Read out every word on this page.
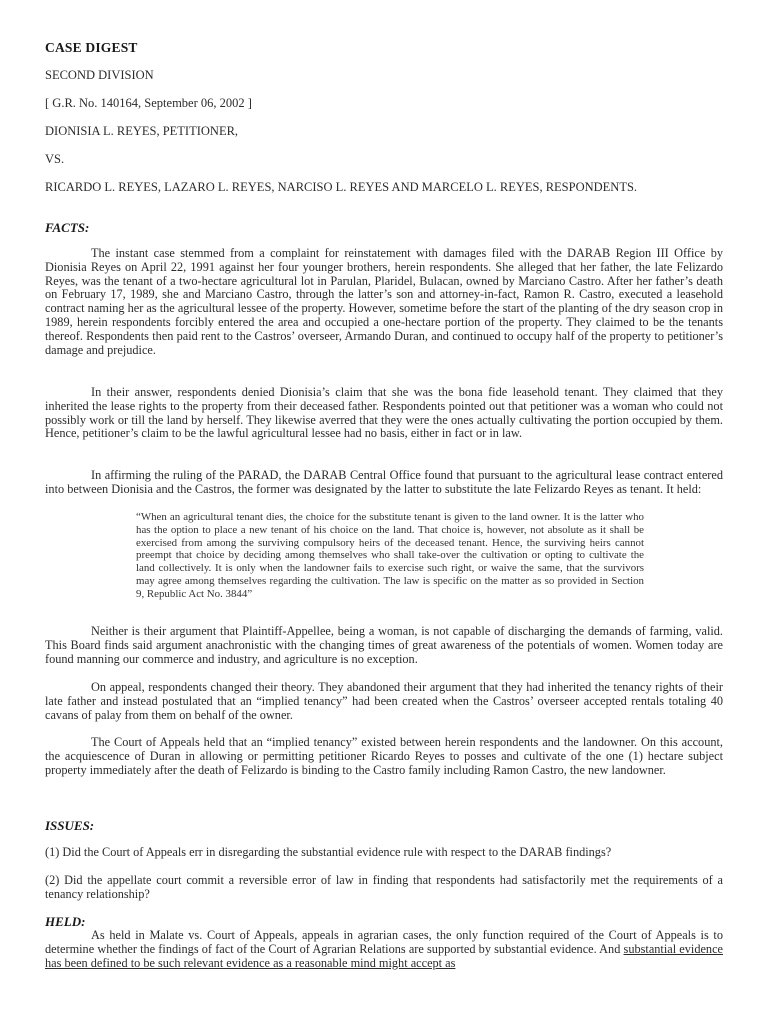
CASE DIGEST
SECOND DIVISION
[ G.R. No. 140164, September 06, 2002 ]
DIONISIA L. REYES, PETITIONER,
VS.
RICARDO L. REYES, LAZARO L. REYES, NARCISO L. REYES AND MARCELO L. REYES, RESPONDENTS.
FACTS:

The instant case stemmed from a complaint for reinstatement with damages filed with the DARAB Region III Office by Dionisia Reyes on April 22, 1991 against her four younger brothers, herein respondents. She alleged that her father, the late Felizardo Reyes, was the tenant of a two-hectare agricultural lot in Parulan, Plaridel, Bulacan, owned by Marciano Castro. After her father’s death on February 17, 1989, she and Marciano Castro, through the latter’s son and attorney-in-fact, Ramon R. Castro, executed a leasehold contract naming her as the agricultural lessee of the property. However, sometime before the start of the planting of the dry season crop in 1989, herein respondents forcibly entered the area and occupied a one-hectare portion of the property. They claimed to be the tenants thereof. Respondents then paid rent to the Castros’ overseer, Armando Duran, and continued to occupy half of the property to petitioner’s damage and prejudice.

In their answer, respondents denied Dionisia’s claim that she was the bona fide leasehold tenant. They claimed that they inherited the lease rights to the property from their deceased father. Respondents pointed out that petitioner was a woman who could not possibly work or till the land by herself. They likewise averred that they were the ones actually cultivating the portion occupied by them. Hence, petitioner’s claim to be the lawful agricultural lessee had no basis, either in fact or in law.

In affirming the ruling of the PARAD, the DARAB Central Office found that pursuant to the agricultural lease contract entered into between Dionisia and the Castros, the former was designated by the latter to substitute the late Felizardo Reyes as tenant. It held:

“When an agricultural tenant dies, the choice for the substitute tenant is given to the land owner. It is the latter who has the option to place a new tenant of his choice on the land. That choice is, however, not absolute as it shall be exercised from among the surviving compulsory heirs of the deceased tenant. Hence, the surviving heirs cannot preempt that choice by deciding among themselves who shall take-over the cultivation or opting to cultivate the land collectively. It is only when the landowner fails to exercise such right, or waive the same, that the survivors may agree among themselves regarding the cultivation. The law is specific on the matter as so provided in Section 9, Republic Act No. 3844”

Neither is their argument that Plaintiff-Appellee, being a woman, is not capable of discharging the demands of farming, valid. This Board finds said argument anachronistic with the changing times of great awareness of the potentials of women. Women today are found manning our commerce and industry, and agriculture is no exception.

On appeal, respondents changed their theory. They abandoned their argument that they had inherited the tenancy rights of their late father and instead postulated that an “implied tenancy” had been created when the Castros’ overseer accepted rentals totaling 40 cavans of palay from them on behalf of the owner.

The Court of Appeals held that an “implied tenancy” existed between herein respondents and the landowner. On this account, the acquiescence of Duran in allowing or permitting petitioner Ricardo Reyes to posses and cultivate of the one (1) hectare subject property immediately after the death of Felizardo is binding to the Castro family including Ramon Castro, the new landowner.

ISSUES:

(1) Did the Court of Appeals err in disregarding the substantial evidence rule with respect to the DARAB findings?

(2) Did the appellate court commit a reversible error of law in finding that respondents had satisfactorily met the requirements of a tenancy relationship?

HELD:

As held in Malate vs. Court of Appeals, appeals in agrarian cases, the only function required of the Court of Appeals is to determine whether the findings of fact of the Court of Agrarian Relations are supported by substantial evidence. And substantial evidence has been defined to be such relevant evidence as a reasonable mind might accept as
